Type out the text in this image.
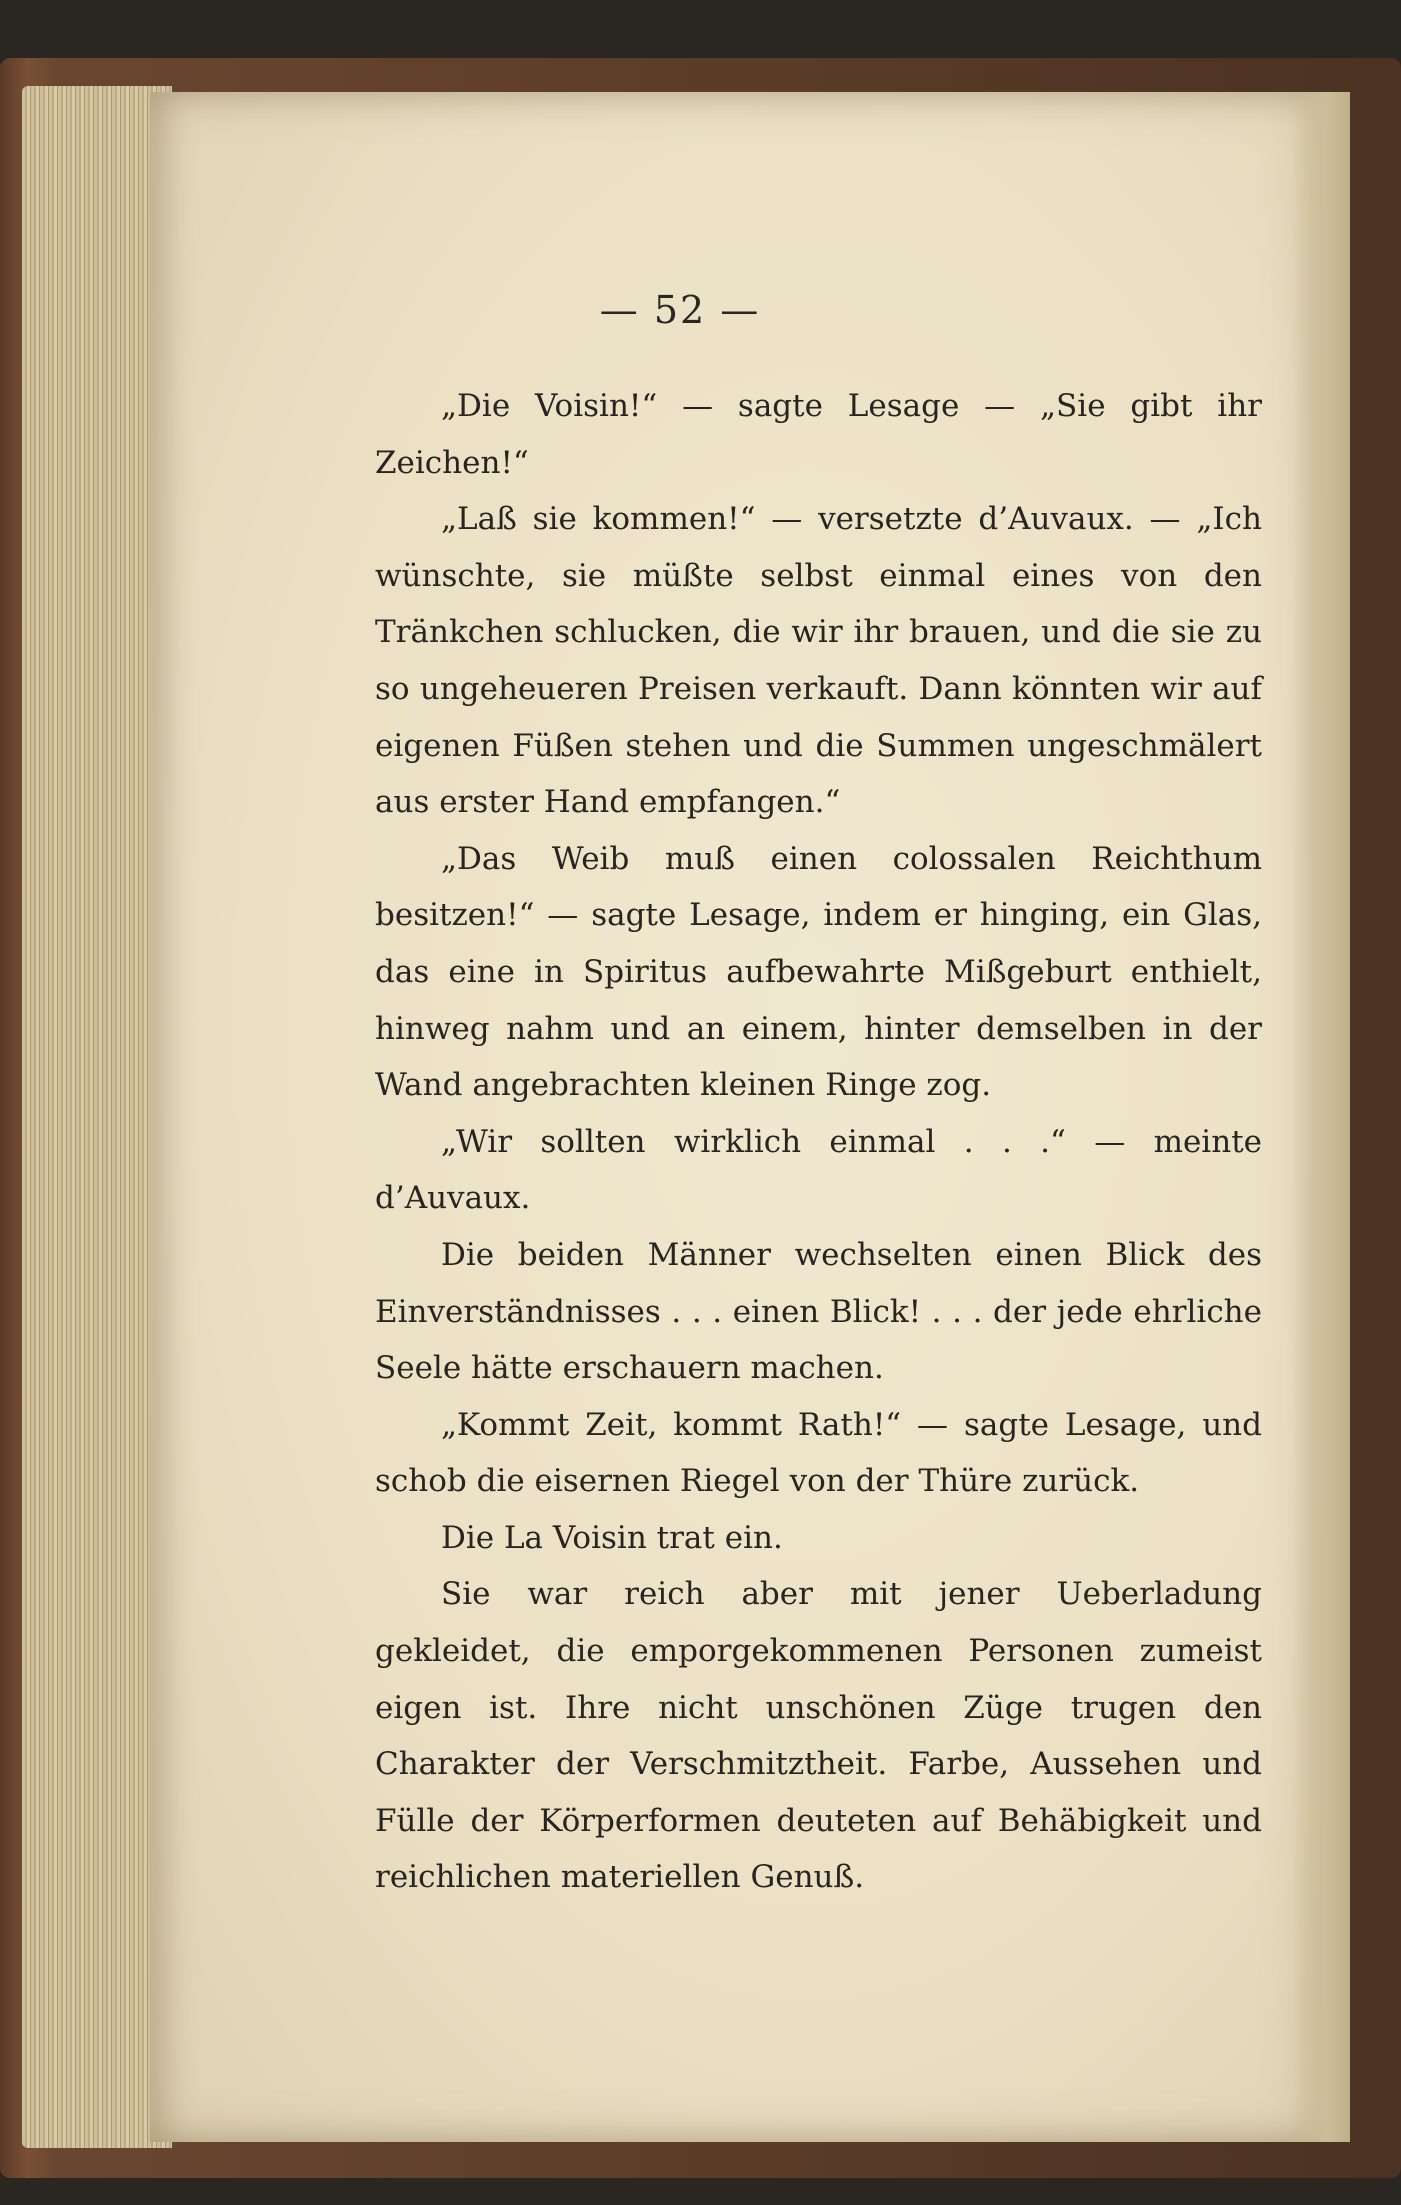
— 52 —

„Die Voisin!“ — sagte Lesage — „Sie gibt ihr Zeichen!“

„Laß sie kommen!“ — versetzte d’Auvaux. — „Ich wünschte, sie müßte selbst einmal eines von den Tränkchen schlucken, die wir ihr brauen, und die sie zu so ungeheueren Preisen verkauft. Dann könnten wir auf eigenen Füßen stehen und die Summen ungeschmälert aus erster Hand empfangen.“

„Das Weib muß einen colossalen Reichthum besitzen!“ — sagte Lesage, indem er hinging, ein Glas, das eine in Spiritus aufbewahrte Mißgeburt enthielt, hinweg nahm und an einem, hinter demselben in der Wand angebrachten kleinen Ringe zog.

„Wir sollten wirklich einmal . . .“ — meinte d’Auvaux.

Die beiden Männer wechselten einen Blick des Einverständnisses . . . einen Blick! . . . der jede ehrliche Seele hätte erschauern machen.

„Kommt Zeit, kommt Rath!“ — sagte Lesage, und schob die eisernen Riegel von der Thüre zurück.

Die La Voisin trat ein.

Sie war reich aber mit jener Ueberladung gekleidet, die emporgekommenen Personen zumeist eigen ist. Ihre nicht unschönen Züge trugen den Charakter der Verschmitztheit. Farbe, Aussehen und Fülle der Körperformen deuteten auf Behäbigkeit und reichlichen materiellen Genuß.
